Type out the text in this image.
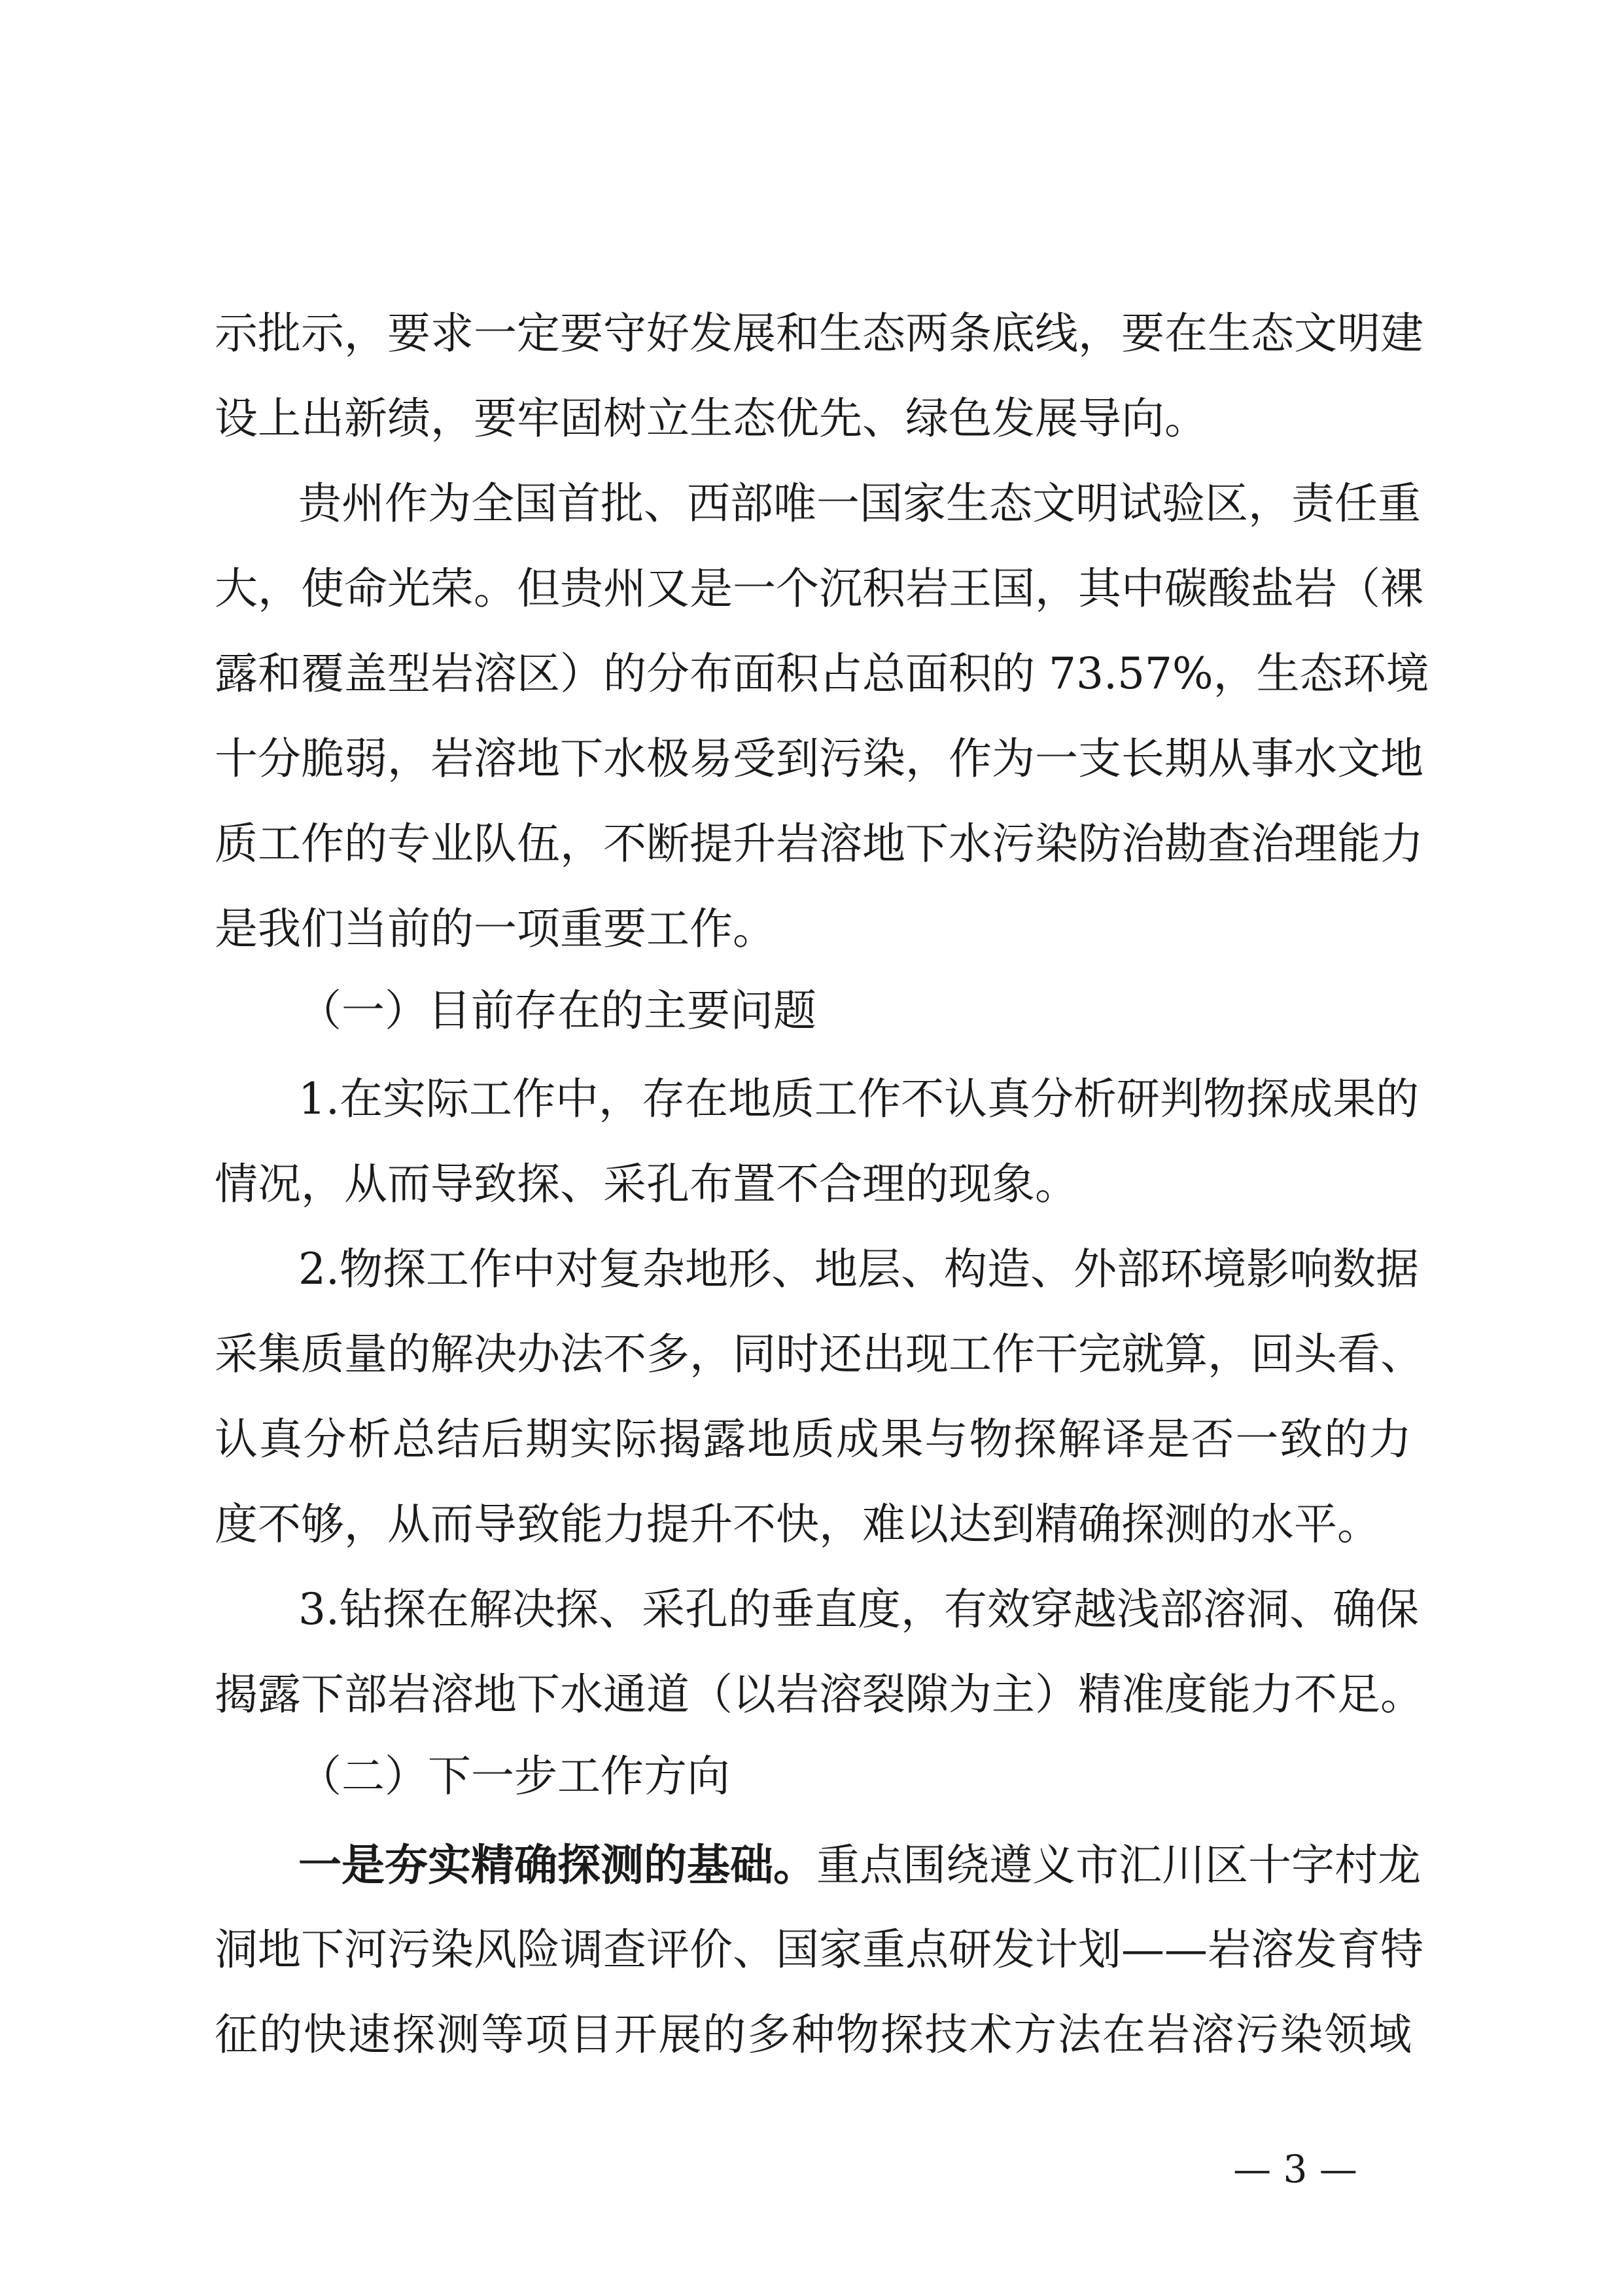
示批示，要求一定要守好发展和生态两条底线，要在生态文明建
设上出新绩，要牢固树立生态优先、绿色发展导向。
贵州作为全国首批、西部唯一国家生态文明试验区，责任重
大，使命光荣。但贵州又是一个沉积岩王国，其中碳酸盐岩（裸
露和覆盖型岩溶区）的分布面积占总面积的 73.57%，生态环境
十分脆弱，岩溶地下水极易受到污染，作为一支长期从事水文地
质工作的专业队伍，不断提升岩溶地下水污染防治勘查治理能力
是我们当前的一项重要工作。
（一）目前存在的主要问题
1.在实际工作中，存在地质工作不认真分析研判物探成果的
情况，从而导致探、采孔布置不合理的现象。
2.物探工作中对复杂地形、地层、构造、外部环境影响数据
采集质量的解决办法不多，同时还出现工作干完就算，回头看、
认真分析总结后期实际揭露地质成果与物探解译是否一致的力
度不够，从而导致能力提升不快，难以达到精确探测的水平。
3.钻探在解决探、采孔的垂直度，有效穿越浅部溶洞、确保
揭露下部岩溶地下水通道（以岩溶裂隙为主）精准度能力不足。
（二）下一步工作方向
一是夯实精确探测的基础。重点围绕遵义市汇川区十字村龙
洞地下河污染风险调查评价、国家重点研发计划——岩溶发育特
征的快速探测等项目开展的多种物探技术方法在岩溶污染领域
— 3 —
